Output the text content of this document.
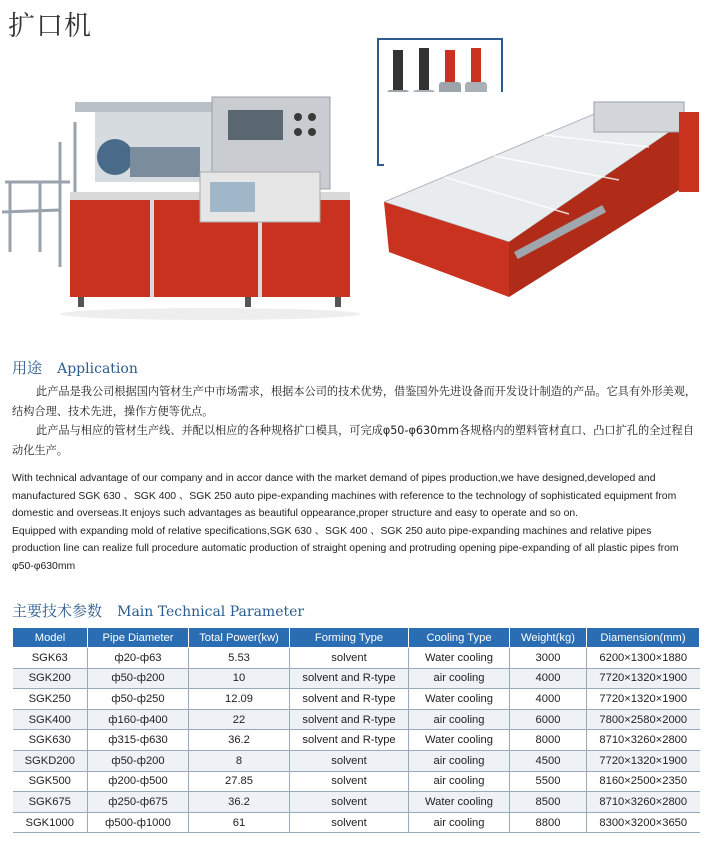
扩口机
用途 Application
此产品是我公司根据国内管材生产中市场需求，根据本公司的技术优势，借鉴国外先进设备而开发设计制造的产品。它具有外形美观，结构合理、技术先进，操作方便等优点。
此产品与相应的管材生产线、并配以相应的各种规格扩口模具，可完成φ50-φ630mm各规格内的塑料管材直口、凸口扩孔的全过程自动化生产。
With technical advantage of our company and in accor dance with the market demand of pipes production,we have designed,developed and manufactured SGK 630 、SGK 400 、SGK 250 auto pipe-expanding machines with reference to the technology of sophisticated equipment from domestic and overseas.It enjoys such advantages as beautiful oppearance,proper structure and easy to operate and so on.
Equipped with expanding mold of relative specifications,SGK 630 、SGK 400 、SGK 250 auto pipe-expanding machines and relative pipes production line can realize full procedure automatic production of straight opening and protruding opening pipe-expanding of all plastic pipes from φ50-φ630mm
主要技术参数 Main Technical Parameter
Model	Pipe Diameter	Total Power(kw)	Forming Type	Cooling Type	Weight(kg)	Diamension(mm)
SGK63	ф20-ф63	5.53	solvent	Water cooling	3000	6200×1300×1880
SGK200	ф50-ф200	10	solvent and R-type	air cooling	4000	7720×1320×1900
SGK250	ф50-ф250	12.09	solvent and R-type	Water cooling	4000	7720×1320×1900
SGK400	ф160-ф400	22	solvent and R-type	air cooling	6000	7800×2580×2000
SGK630	ф315-ф630	36.2	solvent and R-type	Water cooling	8000	8710×3260×2800
SGKD200	ф50-ф200	8	solvent	air cooling	4500	7720×1320×1900
SGK500	ф200-ф500	27.85	solvent	air cooling	5500	8160×2500×2350
SGK675	ф250-ф675	36.2	solvent	Water cooling	8500	8710×3260×2800
SGK1000	ф500-ф1000	61	solvent	air cooling	8800	8300×3200×3650
